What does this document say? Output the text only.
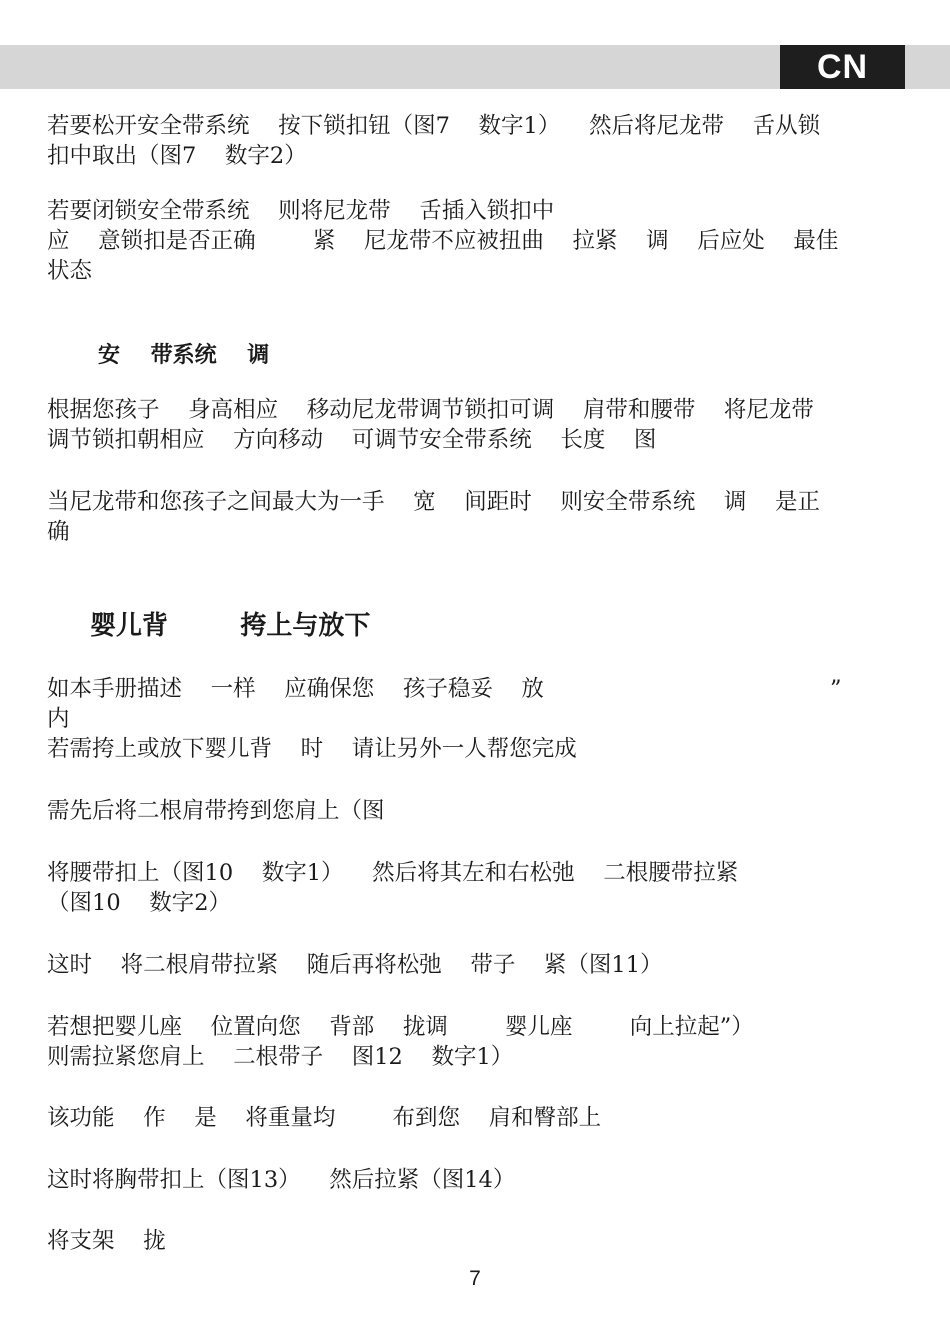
CN
若要松开安全带系统    按下锁扣钮（图7    数字1）    然后将尼龙带    舌从锁
扣中取出（图7    数字2）
若要闭锁安全带系统    则将尼龙带    舌插入锁扣中
应    意锁扣是否正确        紧    尼龙带不应被扭曲    拉紧    调    后应处    最佳
状态
安    带系统    调
根据您孩子    身高相应    移动尼龙带调节锁扣可调    肩带和腰带    将尼龙带
调节锁扣朝相应    方向移动    可调节安全带系统    长度    图
当尼龙带和您孩子之间最大为一手    宽    间距时    则安全带系统    调    是正
确
婴儿背        挎上与放下
如本手册描述    一样    应确保您    孩子稳妥    放                                        ”
内
若需挎上或放下婴儿背    时    请让另外一人帮您完成
需先后将二根肩带挎到您肩上（图
将腰带扣上（图10    数字1）    然后将其左和右松弛    二根腰带拉紧
（图10    数字2）
这时    将二根肩带拉紧    随后再将松弛    带子    紧（图11）
若想把婴儿座    位置向您    背部    拢调        婴儿座        向上拉起”）
则需拉紧您肩上    二根带子    图12    数字1）
该功能    作    是    将重量均        布到您    肩和臀部上
这时将胸带扣上（图13）    然后拉紧（图14）
将支架    拢
7
